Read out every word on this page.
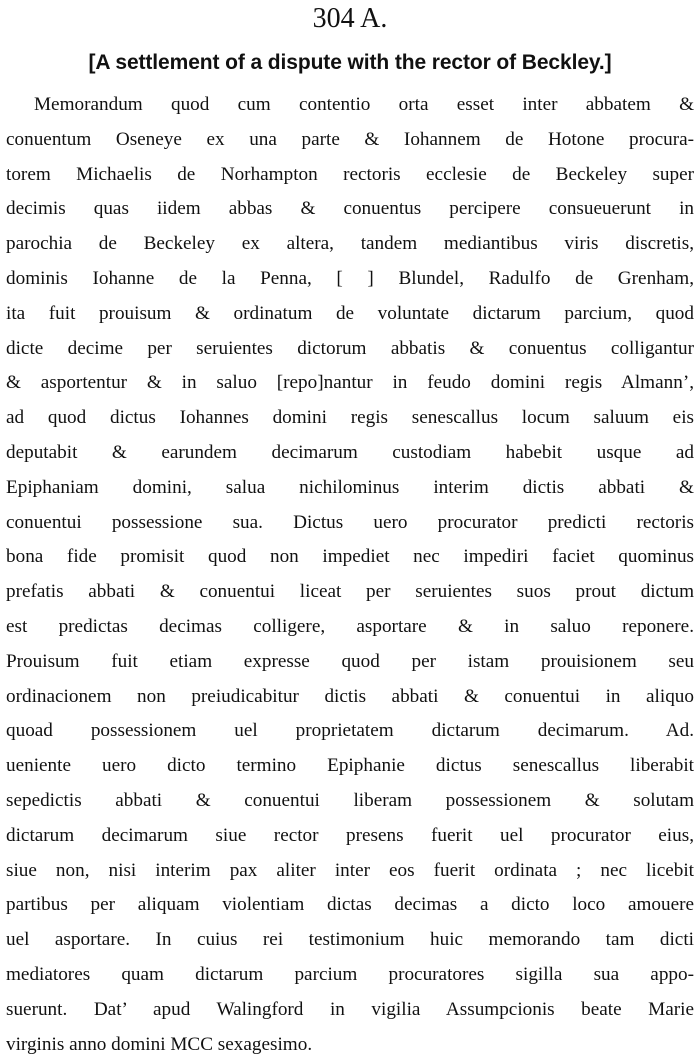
304 A.
[A settlement of a dispute with the rector of Beckley.]
Memorandum quod cum contentio orta esset inter abbatem &
conuentum Oseneye ex una parte & Iohannem de Hotone procura-
torem Michaelis de Norhampton rectoris ecclesie de Beckeley super
decimis quas iidem abbas & conuentus percipere consueuerunt in
parochia de Beckeley ex altera, tandem mediantibus viris discretis,
dominis Iohanne de la Penna, [ ] Blundel, Radulfo de Grenham,
ita fuit prouisum & ordinatum de voluntate dictarum parcium, quod
dicte decime per seruientes dictorum abbatis & conuentus colligantur
& asportentur & in saluo [repo]nantur in feudo domini regis Almann’,
ad quod dictus Iohannes domini regis senescallus locum saluum eis
deputabit & earundem decimarum custodiam habebit usque ad
Epiphaniam domini, salua nichilominus interim dictis abbati &
conuentui possessione sua. Dictus uero procurator predicti rectoris
bona fide promisit quod non impediet nec impediri faciet quominus
prefatis abbati & conuentui liceat per seruientes suos prout dictum
est predictas decimas colligere, asportare & in saluo reponere.
Prouisum fuit etiam expresse quod per istam prouisionem seu
ordinacionem non preiudicabitur dictis abbati & conuentui in aliquo
quoad possessionem uel proprietatem dictarum decimarum. Ad.
ueniente uero dicto termino Epiphanie dictus senescallus liberabit
sepedictis abbati & conuentui liberam possessionem & solutam
dictarum decimarum siue rector presens fuerit uel procurator eius,
siue non, nisi interim pax aliter inter eos fuerit ordinata ; nec licebit
partibus per aliquam violentiam dictas decimas a dicto loco amouere
uel asportare. In cuius rei testimonium huic memorando tam dicti
mediatores quam dictarum parcium procuratores sigilla sua appo-
suerunt. Dat’ apud Walingford in vigilia Assumpcionis beate Marie
virginis anno domini MCC sexagesimo.
